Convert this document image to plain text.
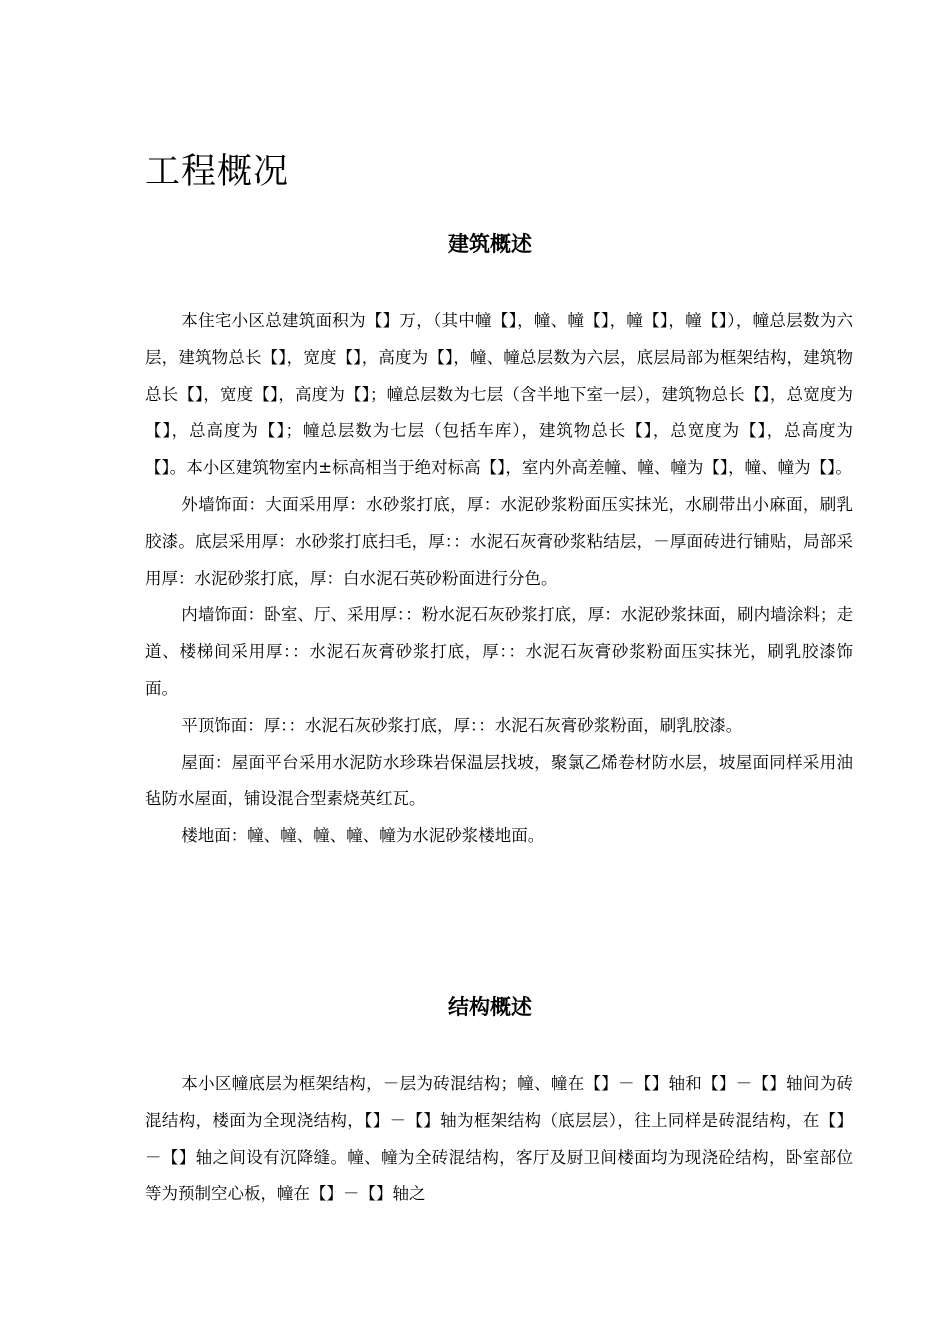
工程概况
建筑概述

本住宅小区总建筑面积为【】万，（其中幢【】，幢、幢【】，幢【】，幢【】），幢总层数为六层，建筑物总长【】，宽度【】，高度为【】，幢、幢总层数为六层，底层局部为框架结构，建筑物总长【】，宽度【】，高度为【】；幢总层数为七层（含半地下室一层），建筑物总长【】，总宽度为【】，总高度为【】；幢总层数为七层（包括车库），建筑物总长【】，总宽度为【】，总高度为【】。本小区建筑物室内±标高相当于绝对标高【】，室内外高差幢、幢、幢为【】，幢、幢为【】。

外墙饰面：大面采用厚：水砂浆打底，厚：水泥砂浆粉面压实抹光，水刷带出小麻面，刷乳胶漆。底层采用厚：水砂浆打底扫毛，厚：：水泥石灰膏砂浆粘结层，－厚面砖进行铺贴，局部采用厚：水泥砂浆打底，厚：白水泥石英砂粉面进行分色。

内墙饰面：卧室、厅、采用厚：：粉水泥石灰砂浆打底，厚：水泥砂浆抹面，刷内墙涂料；走道、楼梯间采用厚：：水泥石灰膏砂浆打底，厚：：水泥石灰膏砂浆粉面压实抹光，刷乳胶漆饰面。

平顶饰面：厚：：水泥石灰砂浆打底，厚：：水泥石灰膏砂浆粉面，刷乳胶漆。

屋面：屋面平台采用水泥防水珍珠岩保温层找坡，聚氯乙烯卷材防水层，坡屋面同样采用油毡防水屋面，铺设混合型素烧英红瓦。

楼地面：幢、幢、幢、幢、幢为水泥砂浆楼地面。

结构概述

本小区幢底层为框架结构，－层为砖混结构；幢、幢在【】－【】轴和【】－【】轴间为砖混结构，楼面为全现浇结构，【】－【】轴为框架结构（底层层），往上同样是砖混结构，在【】－【】轴之间设有沉降缝。幢、幢为全砖混结构，客厅及厨卫间楼面均为现浇砼结构，卧室部位等为预制空心板，幢在【】－【】轴之
